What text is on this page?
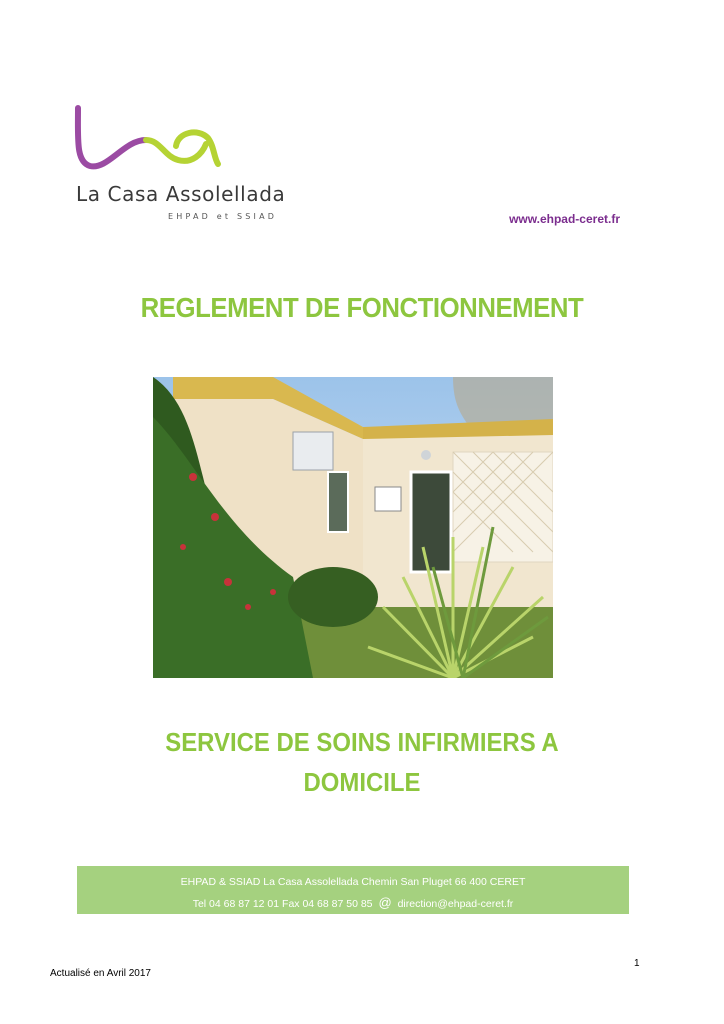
La Casa Assolellada
EHPAD et SSIAD	www.ehpad-ceret.fr
REGLEMENT DE FONCTIONNEMENT
SERVICE DE SOINS INFIRMIERS A
DOMICILE
EHPAD & SSIAD La Casa Assolellada Chemin San Pluget 66 400 CERET
Tel 04 68 87 12 01 Fax 04 68 87 50 85 @ direction@ehpad-ceret.fr
1
Actualisé en Avril 2017
